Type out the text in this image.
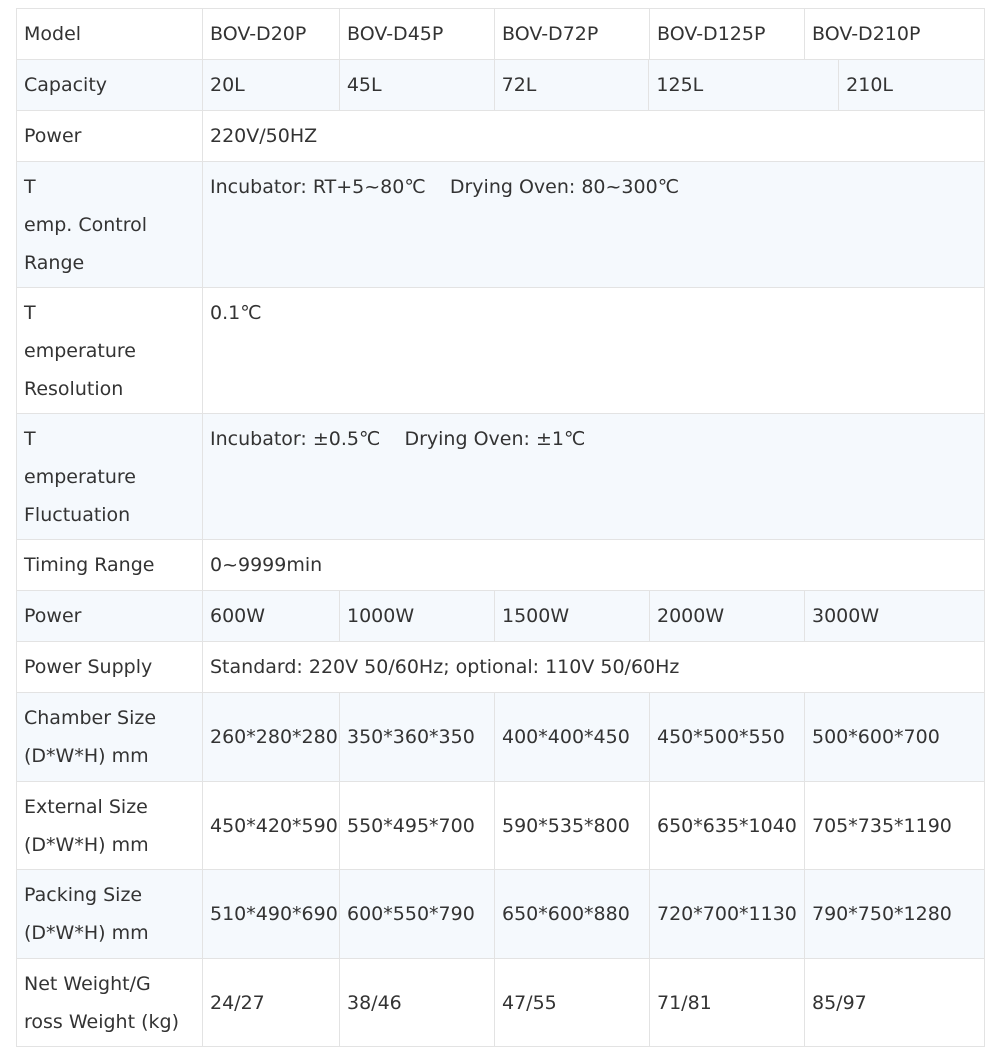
Model	BOV-D20P	BOV-D45P	BOV-D72P	BOV-D125P	BOV-D210P
Capacity	20L 45L 72L 125L 210L				

Power	220V/50HZ				

T
emp. Control
Range	Incubator: RT+5~80℃    Drying Oven: 80~300℃				

T
emperature
Resolution	0.1℃				

T
emperature
Fluctuation	Incubator: ±0.5℃    Drying Oven: ±1℃				
Timing Range	0~9999min				
Power	600W	1000W	1500W	2000W	3000W
Power Supply	Standard: 220V 50/60Hz; optional: 110V 50/60Hz				

Chamber Size
(D*W*H) mm	260*280*280	350*360*350	400*400*450	450*500*550	500*600*700

External Size
(D*W*H) mm	450*420*590	550*495*700	590*535*800	650*635*1040	705*735*1190

Packing Size
(D*W*H) mm	510*490*690	600*550*790	650*600*880	720*700*1130	790*750*1280

Net Weight/G
ross Weight (kg)	24/27	38/46	47/55	71/81	85/97
